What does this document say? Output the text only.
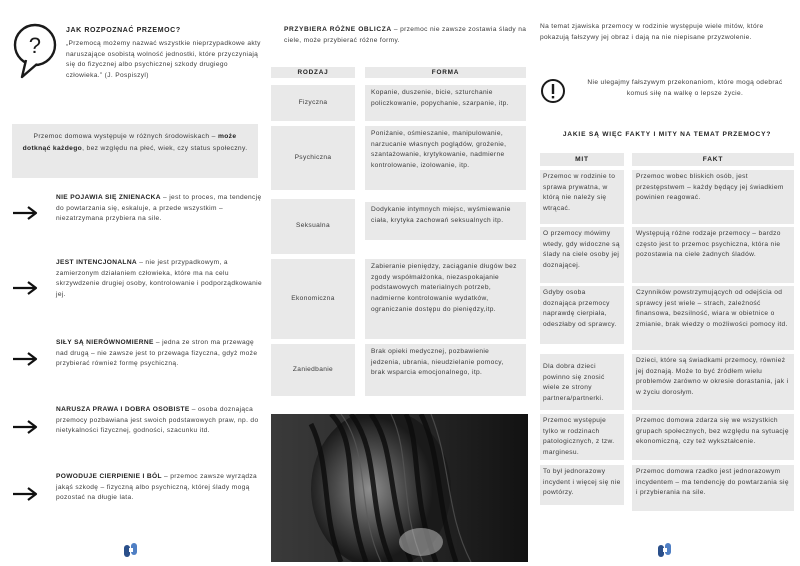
?
JAK ROZPOZNAĆ PRZEMOC?
„Przemocą możemy nazwać wszystkie nieprzypadkowe akty naruszające osobistą wolność jednostki, które przyczyniają się do fizycznej albo psychicznej szkody drugiego człowieka.” (J. Pospiszyl)
Przemoc domowa występuje w różnych środowiskach – może dotknąć każdego, bez względu na płeć, wiek, czy status społeczny.
NIE POJAWIA SIĘ ZNIENACKA – jest to proces, ma tendencję do powtarzania się, eskaluje, a przede wszystkim – niezatrzymana przybiera na sile.
JEST INTENCJONALNA – nie jest przypadkowym, a zamierzonym działaniem człowieka, które ma na celu skrzywdzenie drugiej osoby, kontrolowanie i podporządkowanie jej.
SIŁY SĄ NIERÓWNOMIERNE – jedna ze stron ma przewagę nad drugą – nie zawsze jest to przewaga fizyczna, gdyż może przybierać również formę psychiczną.
NARUSZA PRAWA I DOBRA OSOBISTE – osoba doznająca przemocy pozbawiana jest swoich podstawowych praw, np. do nietykalności fizycznej, godności, szacunku itd.
POWODUJE CIERPIENIE I BÓL – przemoc zawsze wyrządza jakąś szkodę – fizyczną albo psychiczną, której ślady mogą pozostać na długie lata.
PRZYBIERA RÓŻNE OBLICZA – przemoc nie zawsze zostawia ślady na ciele, może przybierać różne formy.
RODZAJ	FORMA
Fizyczna
Kopanie, duszenie, bicie, szturchanie policzkowanie, popychanie, szarpanie, itp.
Psychiczna
Poniżanie, ośmieszanie, manipulowanie, narzucanie własnych poglądów, grożenie, szantażowanie, krytykowanie, nadmierne kontrolowanie, izolowanie, itp.
Seksualna
Dodykanie intymnych miejsc, wyśmiewanie ciała, krytyka zachowań seksualnych itp.
Ekonomiczna
Zabieranie pieniędzy, zaciąganie długów bez zgody współmałżonka, niezaspokajanie podstawowych materialnych potrzeb, nadmierne kontrolowanie wydatków, ograniczanie dostępu do pieniędzy,itp.
Zaniedbanie
Brak opieki medycznej, pozbawienie jedzenia, ubrania, nieudzielanie pomocy, brak wsparcia emocjonalnego, itp.
Na temat zjawiska przemocy w rodzinie występuje wiele mitów, które pokazują fałszywy jej obraz i dają na nie niepisane przyzwolenie.
Nie ulegajmy fałszywym przekonaniom, które mogą odebrać komuś siłę na walkę o lepsze życie.
JAKIE SĄ WIĘC FAKTY I MITY NA TEMAT PRZEMOCY?
MIT	FAKT
Przemoc w rodzinie to sprawa prywatna, w którą nie należy się wtrącać.
Przemoc wobec bliskich osób, jest przestępstwem – każdy będący jej świadkiem powinien reagować.
O przemocy mówimy wtedy, gdy widoczne są ślady na ciele osoby jej doznającej.
Występują różne rodzaje przemocy – bardzo często jest to przemoc psychiczna, która nie pozostawia na ciele żadnych śladów.
Gdyby osoba doznająca przemocy naprawdę cierpiała, odeszłaby od sprawcy.
Czynników powstrzymujących od odejścia od sprawcy jest wiele – strach, zależność finansowa, bezsilność, wiara w obietnice o zmianie, brak wiedzy o możliwości pomocy itd.
Dla dobra dzieci powinno się znosić wiele ze strony partnera/partnerki.
Dzieci, które są świadkami przemocy, również jej doznają. Może to być źródłem wielu problemów zarówno w okresie dorastania, jak i w życiu dorosłym.
Przemoc występuje tylko w rodzinach patologicznych, z tzw. marginesu.
Przemoc domowa zdarza się we wszystkich grupach społecznych, bez względu na sytuację ekonomiczną, czy też wykształcenie.
To był jednorazowy incydent i więcej się nie powtórzy.
Przemoc domowa rzadko jest jednorazowym incydentem – ma tendencję do powtarzania się i przybierania na sile.
